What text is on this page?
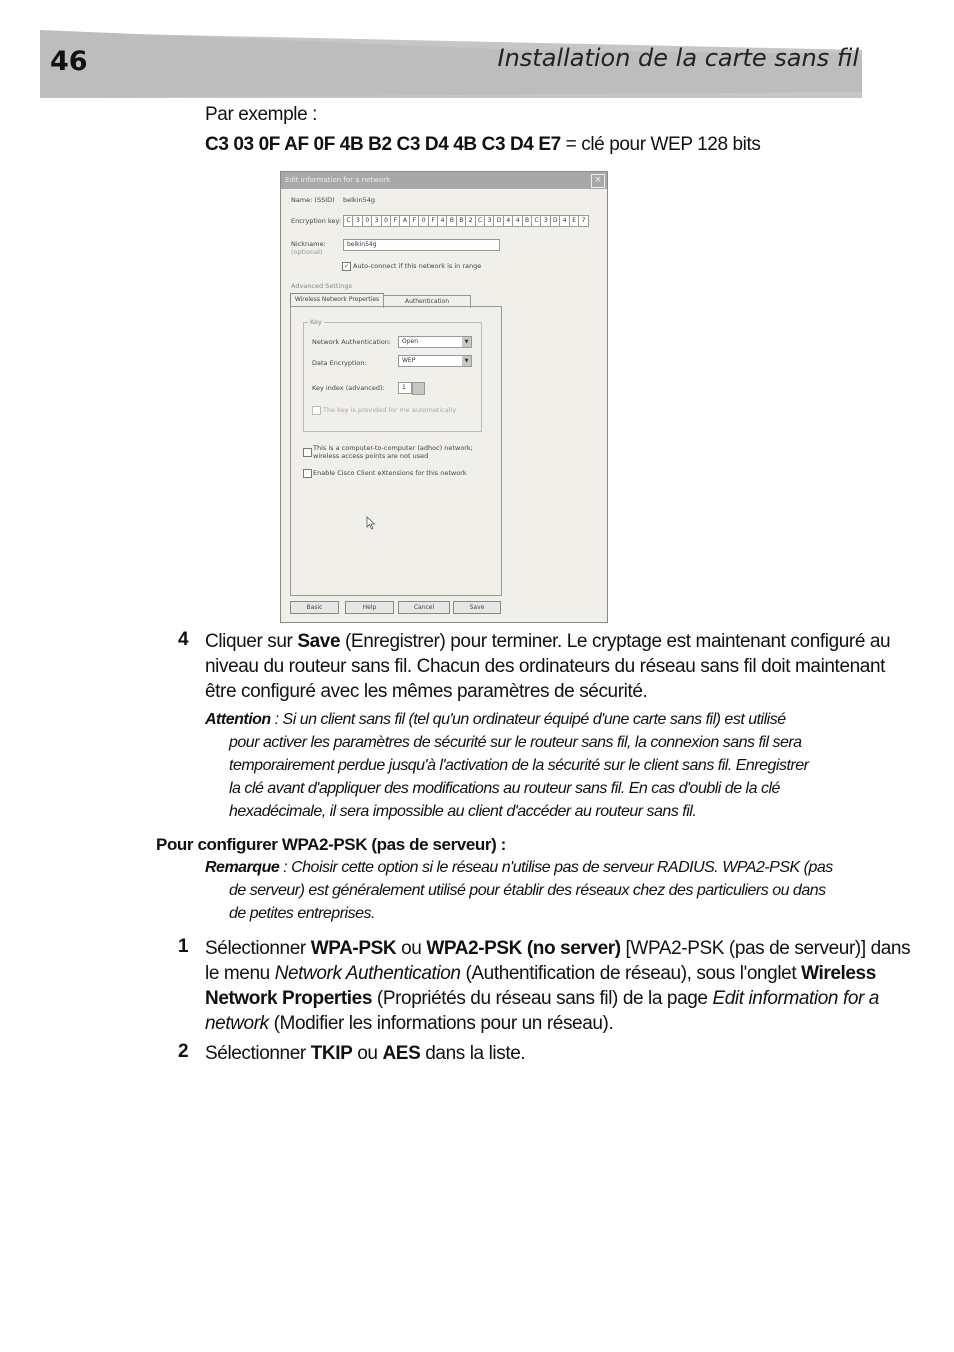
46	Installation de la carte sans fil
Par exemple :
C3 03 0F AF 0F 4B B2 C3 D4 4B C3 D4 E7 = clé pour WEP 128 bits
Edit information for a network	×
Name: (SSID) belkin54g
Encryption key: C 3 0 3 0 F A F 0 F 4 B B 2 C 3 D 4 4 B C 3 D 4 E 7
Nickname:
(optional)
belkin54g
✓ Auto-connect if this network is in range
Advanced Settings
Wireless Network Properties	Authentication
Key
Network Authentication:	Open	▼
Data Encryption:	WEP	▼
Key index (advanced):	1
The key is provided for me automatically
This is a computer-to-computer (adhoc) network;
wireless access points are not used
Enable Cisco Client eXtensions for this network
Basic	Help	Cancel	Save
4 Cliquer sur Save (Enregistrer) pour terminer. Le cryptage est maintenant configuré au
niveau du routeur sans fil. Chacun des ordinateurs du réseau sans fil doit maintenant
être configuré avec les mêmes paramètres de sécurité.
Attention : Si un client sans fil (tel qu'un ordinateur équipé d'une carte sans fil) est utilisé
pour activer les paramètres de sécurité sur le routeur sans fil, la connexion sans fil sera
temporairement perdue jusqu'à l'activation de la sécurité sur le client sans fil. Enregistrer
la clé avant d'appliquer des modifications au routeur sans fil. En cas d'oubli de la clé
hexadécimale, il sera impossible au client d'accéder au routeur sans fil.
Pour configurer WPA2-PSK (pas de serveur) :
Remarque : Choisir cette option si le réseau n'utilise pas de serveur RADIUS. WPA2-PSK (pas
de serveur) est généralement utilisé pour établir des réseaux chez des particuliers ou dans
de petites entreprises.
1 Sélectionner WPA-PSK ou WPA2-PSK (no server) [WPA2-PSK (pas de serveur)] dans
le menu Network Authentication (Authentification de réseau), sous l'onglet Wireless
Network Properties (Propriétés du réseau sans fil) de la page Edit information for a
network (Modifier les informations pour un réseau).
2 Sélectionner TKIP ou AES dans la liste.
